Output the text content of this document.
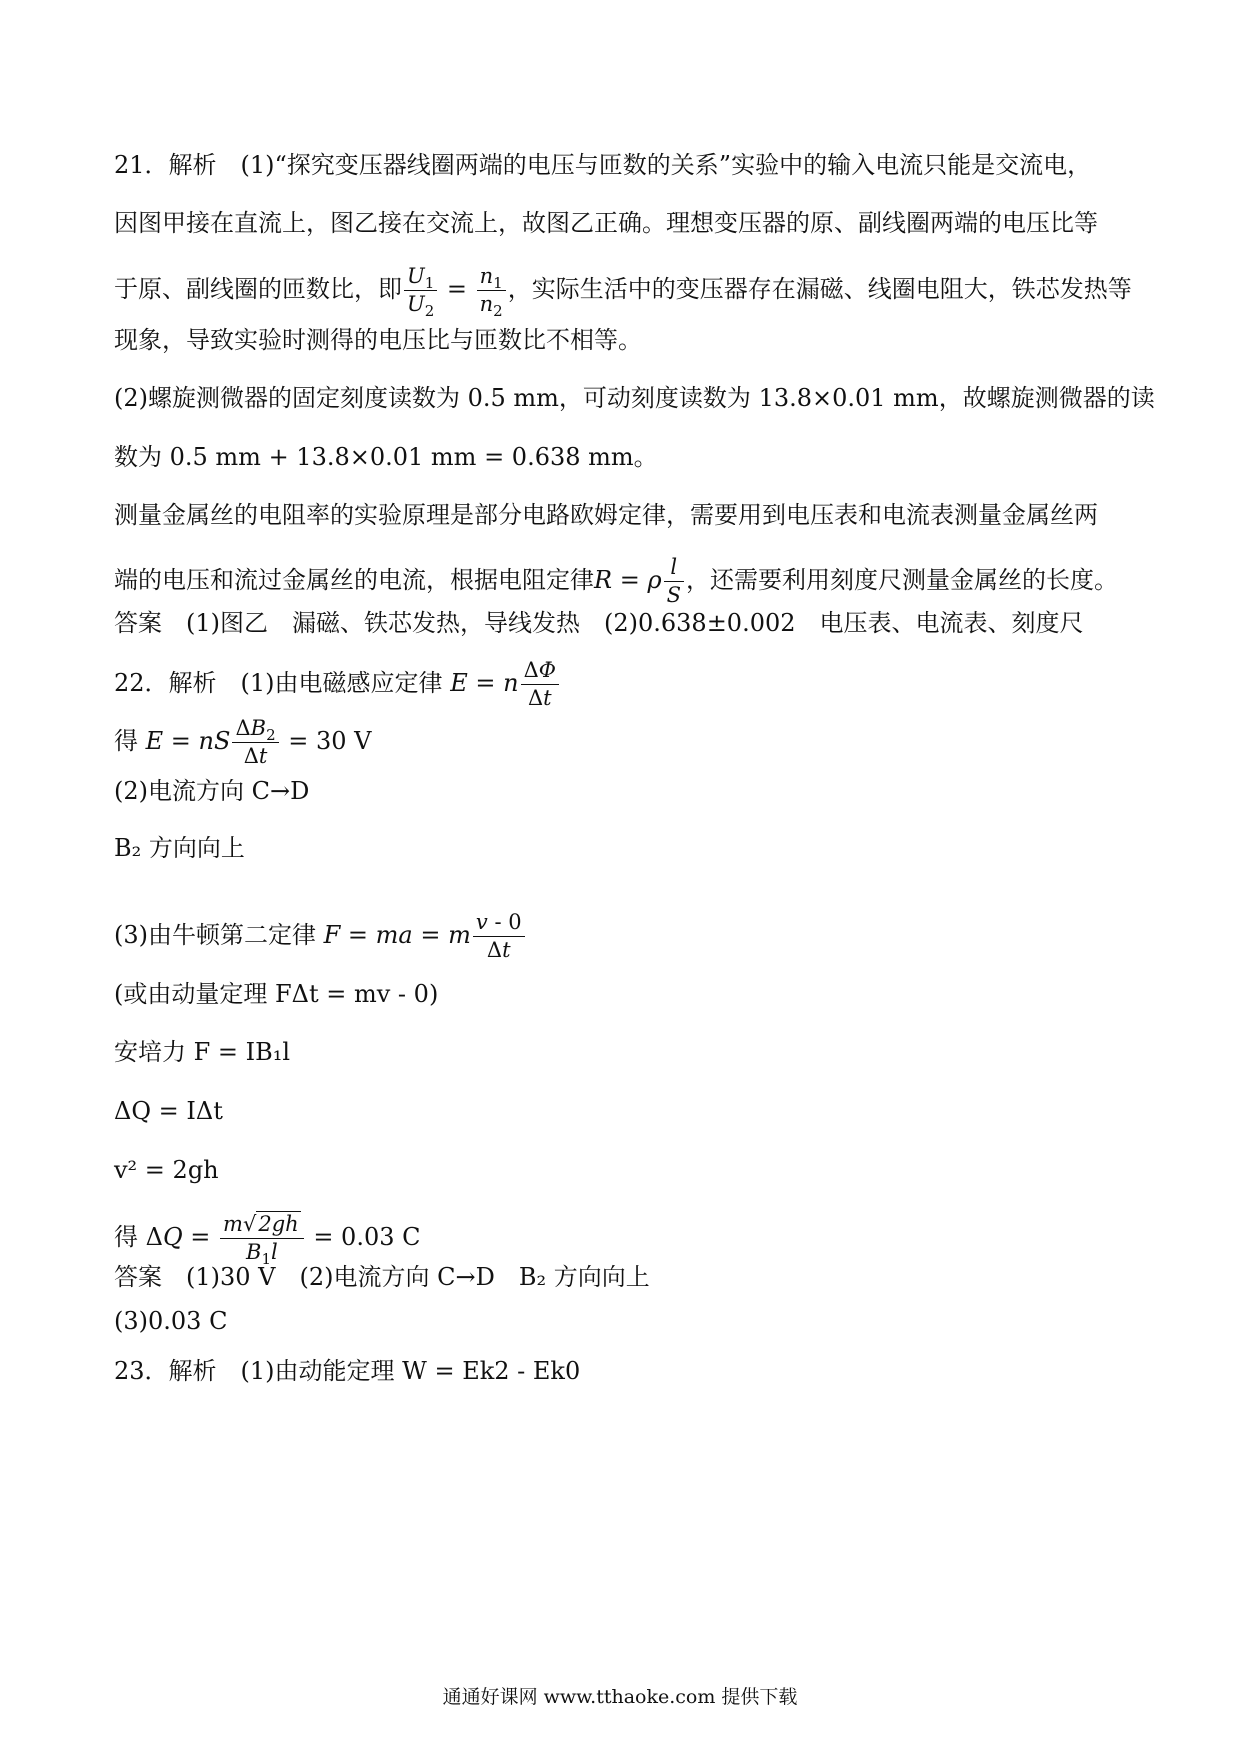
21．解析　(1)“探究变压器线圈两端的电压与匝数的关系”实验中的输入电流只能是交流电，
因图甲接在直流上，图乙接在交流上，故图乙正确。理想变压器的原、副线圈两端的电压比等
于原、副线圈的匝数比，即 $\frac{U_1}{U_2} = \frac{n_1}{n_2}$ ，实际生活中的变压器存在漏磁、线圈电阻大，铁芯发热等
现象，导致实验时测得的电压比与匝数比不相等。
(2)螺旋测微器的固定刻度读数为 0.5 mm，可动刻度读数为 13.8×0.01 mm，故螺旋测微器的读
数为 0.5 mm + 13.8×0.01 mm = 0.638 mm。
测量金属丝的电阻率的实验原理是部分电路欧姆定律，需要用到电压表和电流表测量金属丝两
端的电压和流过金属丝的电流，根据电阻定律R = ρ $\frac{l}{S}$ ，还需要利用刻度尺测量金属丝的长度。
答案　(1)图乙　漏磁、铁芯发热，导线发热　(2)0.638±0.002　电压表、电流表、刻度尺
22．解析　(1)由电磁感应定律 E = n $\frac{\Delta\Phi}{\Delta t}$
得 E = nS $\frac{\Delta B_2}{\Delta t} = 30$ V
(2)电流方向 C→D
B₂ 方向向上
(3)由牛顿第二定律 F = ma = m $\frac{v - 0}{\Delta t}$
(或由动量定理 FΔt = mv - 0)
安培力 F = IB₁l
ΔQ = IΔt
v² = 2gh
得 $\Delta Q = \frac{m√2gh}{B_1l} = 0.03$ C
答案　(1)30 V　(2)电流方向 C→D　B₂ 方向向上
(3)0.03 C
23．解析　(1)由动能定理 W = Ek2 - Ek0
通通好课网 www.tthaoke.com 提供下载
